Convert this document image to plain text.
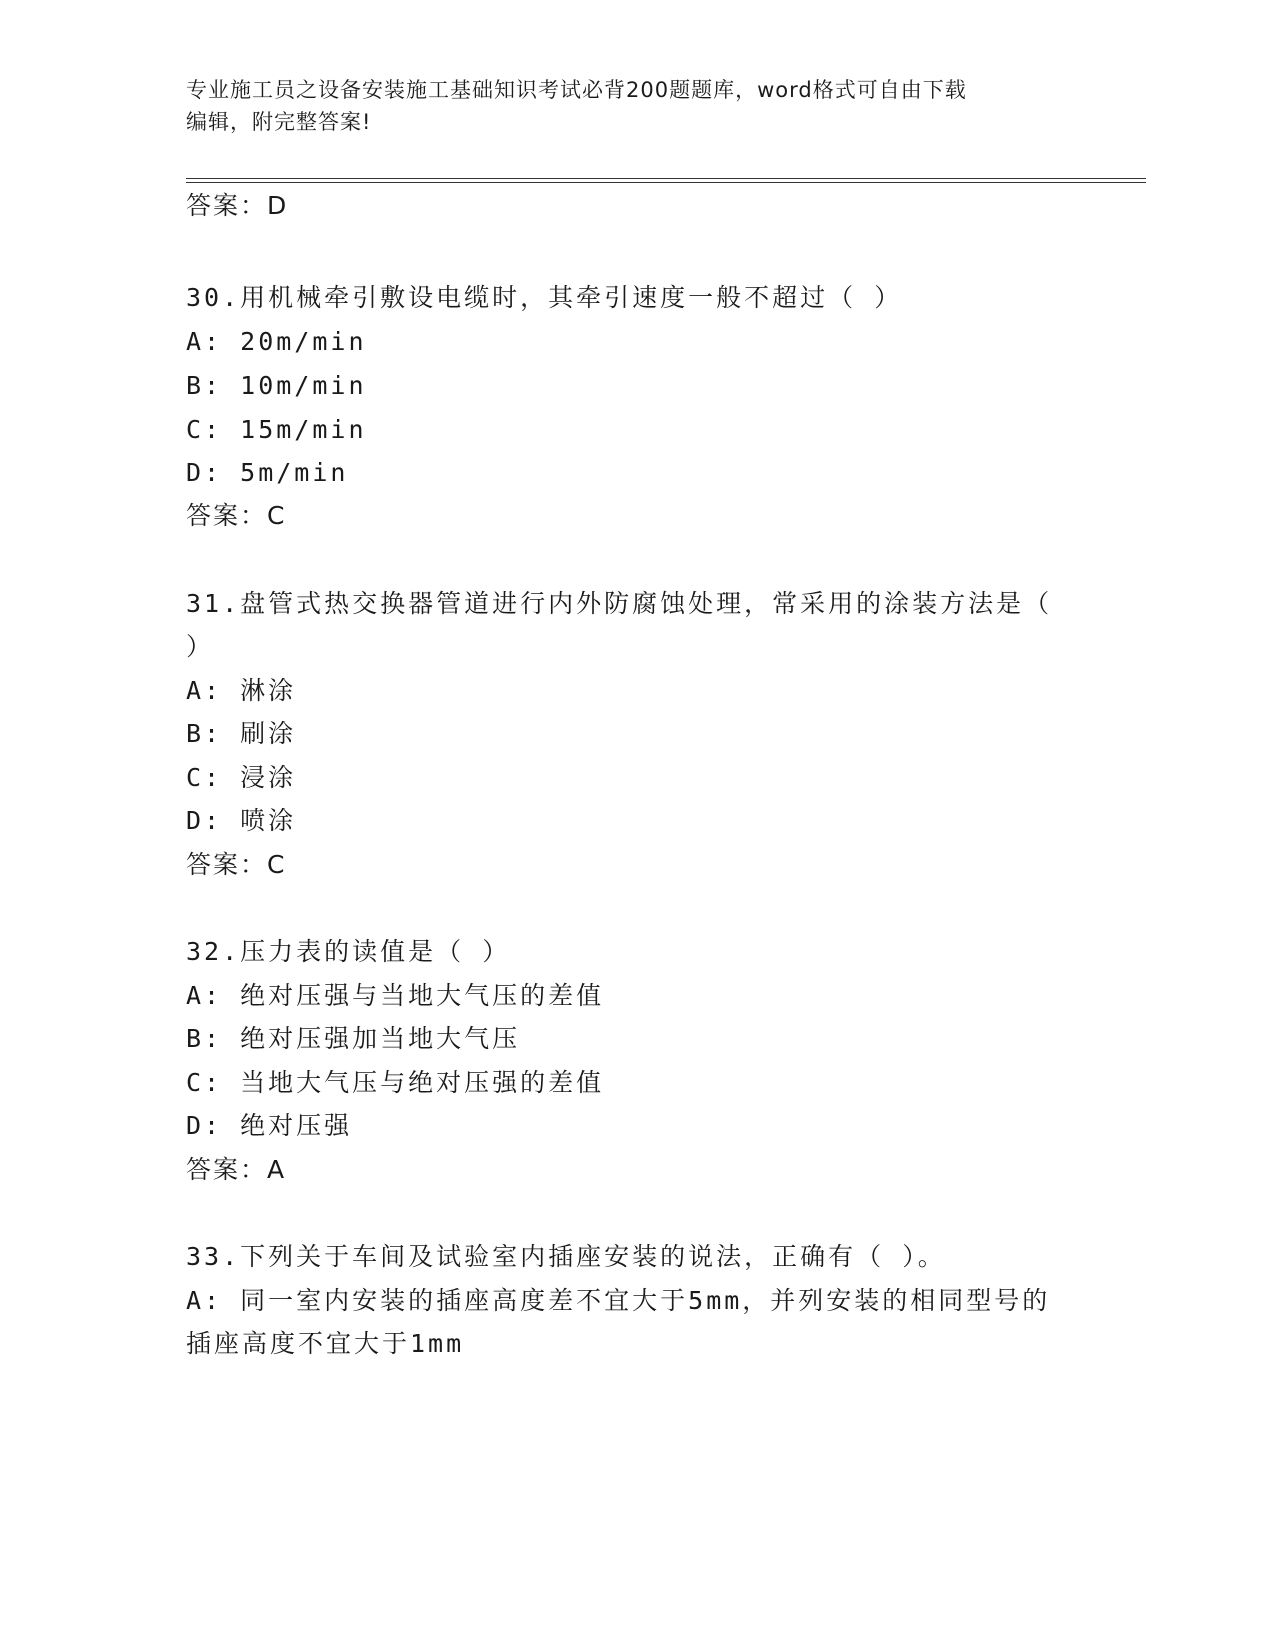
专业施工员之设备安装施工基础知识考试必背200题题库，word格式可自由下载
编辑，附完整答案!
答案：D
30.用机械牵引敷设电缆时，其牵引速度一般不超过（ ）
A: 20m/min
B: 10m/min
C: 15m/min
D: 5m/min
答案：C
31.盘管式热交换器管道进行内外防腐蚀处理，常采用的涂装方法是（
）
A: 淋涂
B: 刷涂
C: 浸涂
D: 喷涂
答案：C
32.压力表的读值是（ ）
A: 绝对压强与当地大气压的差值
B: 绝对压强加当地大气压
C: 当地大气压与绝对压强的差值
D: 绝对压强
答案：A
33.下列关于车间及试验室内插座安装的说法，正确有（ ）。
A: 同一室内安装的插座高度差不宜大于5mm，并列安装的相同型号的
插座高度不宜大于1mm
